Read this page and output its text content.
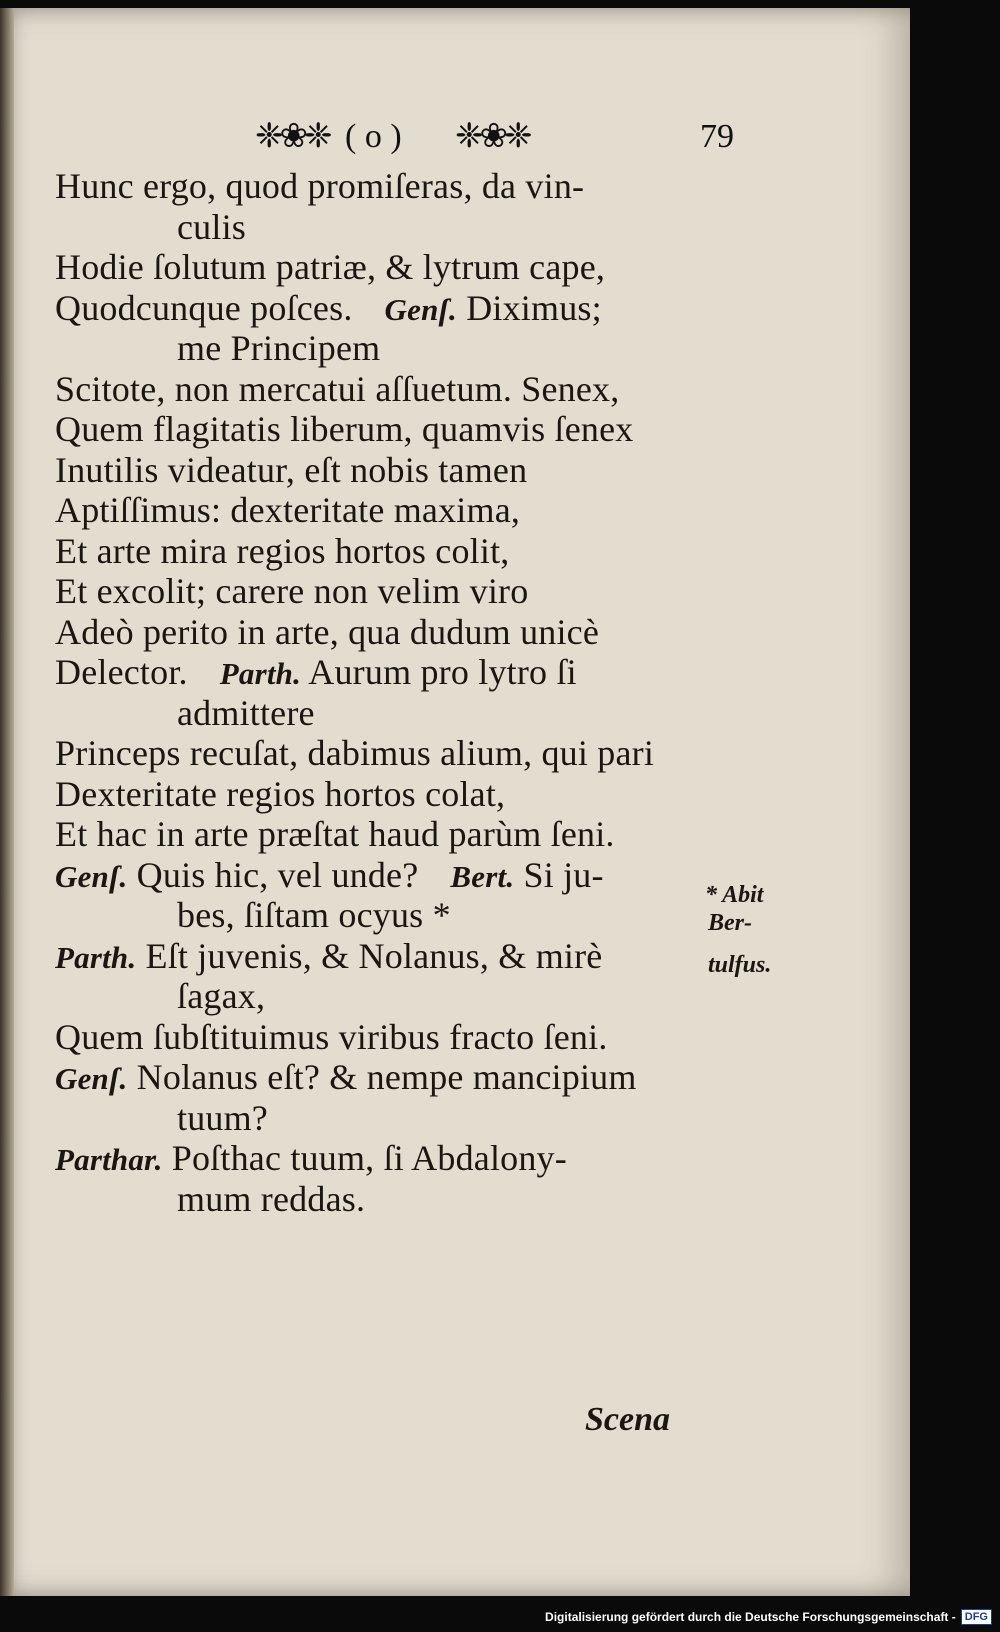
❈❀❈ ( o ) ❈❀❈	79
Hunc ergo, quod promiſeras, da vin-
culis
Hodie ſolutum patriæ, & lytrum cape,
Quodcunque poſces. Genſ. Diximus;
me Principem
Scitote, non mercatui aſſuetum. Senex,
Quem flagitatis liberum, quamvis ſenex
Inutilis videatur, eſt nobis tamen
Aptiſſimus: dexteritate maxima,
Et arte mira regios hortos colit,
Et excolit; carere non velim viro
Adeò perito in arte, qua dudum unicè
Delector. Parth. Aurum pro lytro ſi
admittere
Princeps recuſat, dabimus alium, qui pari
Dexteritate regios hortos colat,
Et hac in arte præſtat haud parùm ſeni.
Genſ. Quis hic, vel unde? Bert. Si ju-
bes, ſiſtam ocyus *
Parth. Eſt juvenis, & Nolanus, & mirè
ſagax,
Quem ſubſtituimus viribus fracto ſeni.
Genſ. Nolanus eſt? & nempe mancipium
tuum?
Parthar. Poſthac tuum, ſi Abdalony-
mum reddas.
* Abit
Ber-
tulfus.
Scena
Digitalisierung gefördert durch die Deutsche Forschungsgemeinschaft - DFG
